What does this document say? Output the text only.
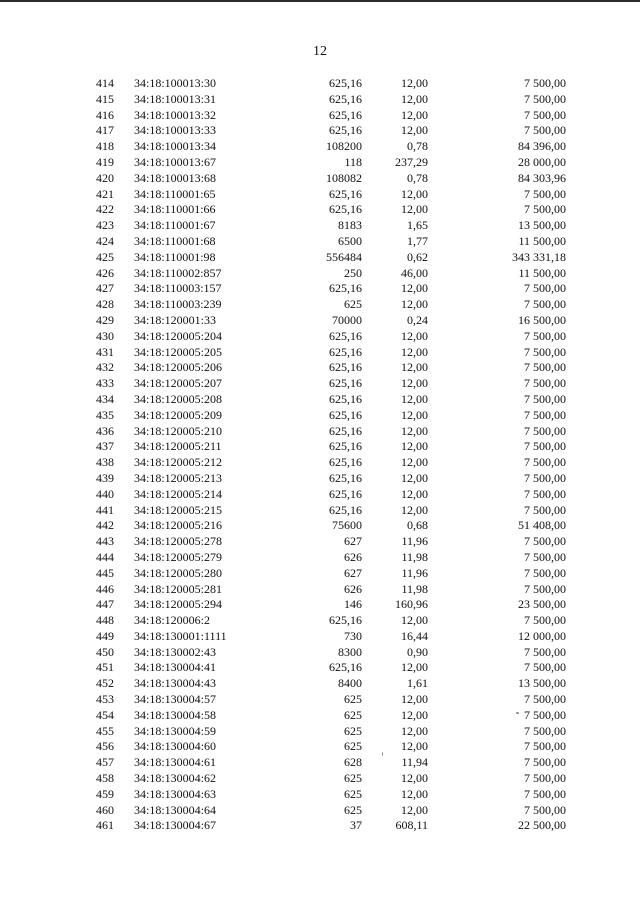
12
414	34:18:100013:30	625,16	12,00	7 500,00	

415	34:18:100013:31	625,16	12,00	7 500,00	

416	34:18:100013:32	625,16	12,00	7 500,00	

417	34:18:100013:33	625,16	12,00	7 500,00	

418	34:18:100013:34	108200	0,78	84 396,00	

419	34:18:100013:67	118	237,29	28 000,00	

420	34:18:100013:68	108082	0,78	84 303,96	

421	34:18:110001:65	625,16	12,00	7 500,00	

422	34:18:110001:66	625,16	12,00	7 500,00	

423	34:18:110001:67	8183	1,65	13 500,00	

424	34:18:110001:68	6500	1,77	11 500,00	

425	34:18:110001:98	556484	0,62	343 331,18	

426	34:18:110002:857	250	46,00	11 500,00	

427	34:18:110003:157	625,16	12,00	7 500,00	

428	34:18:110003:239	625	12,00	7 500,00	

429	34:18:120001:33	70000	0,24	16 500,00	

430	34:18:120005:204	625,16	12,00	7 500,00	

431	34:18:120005:205	625,16	12,00	7 500,00	

432	34:18:120005:206	625,16	12,00	7 500,00	

433	34:18:120005:207	625,16	12,00	7 500,00	

434	34:18:120005:208	625,16	12,00	7 500,00	

435	34:18:120005:209	625,16	12,00	7 500,00	

436	34:18:120005:210	625,16	12,00	7 500,00	

437	34:18:120005:211	625,16	12,00	7 500,00	

438	34:18:120005:212	625,16	12,00	7 500,00	

439	34:18:120005:213	625,16	12,00	7 500,00	

440	34:18:120005:214	625,16	12,00	7 500,00	

441	34:18:120005:215	625,16	12,00	7 500,00	

442	34:18:120005:216	75600	0,68	51 408,00	

443	34:18:120005:278	627	11,96	7 500,00	

444	34:18:120005:279	626	11,98	7 500,00	

445	34:18:120005:280	627	11,96	7 500,00	

446	34:18:120005:281	626	11,98	7 500,00	

447	34:18:120005:294	146	160,96	23 500,00	

448	34:18:120006:2	625,16	12,00	7 500,00	

449	34:18:130001:1111	730	16,44	12 000,00	

450	34:18:130002:43	8300	0,90	7 500,00	

451	34:18:130004:41	625,16	12,00	7 500,00	

452	34:18:130004:43	8400	1,61	13 500,00	

453	34:18:130004:57	625	12,00	7 500,00	

454	34:18:130004:58	625	12,00	7 500,00	

455	34:18:130004:59	625	12,00	7 500,00	

456	34:18:130004:60	625	12,00	7 500,00	

457	34:18:130004:61	628	11,94	7 500,00	

458	34:18:130004:62	625	12,00	7 500,00	

459	34:18:130004:63	625	12,00	7 500,00	

460	34:18:130004:64	625	12,00	7 500,00	

461	34:18:130004:67	37	608,11	22 500,00	
